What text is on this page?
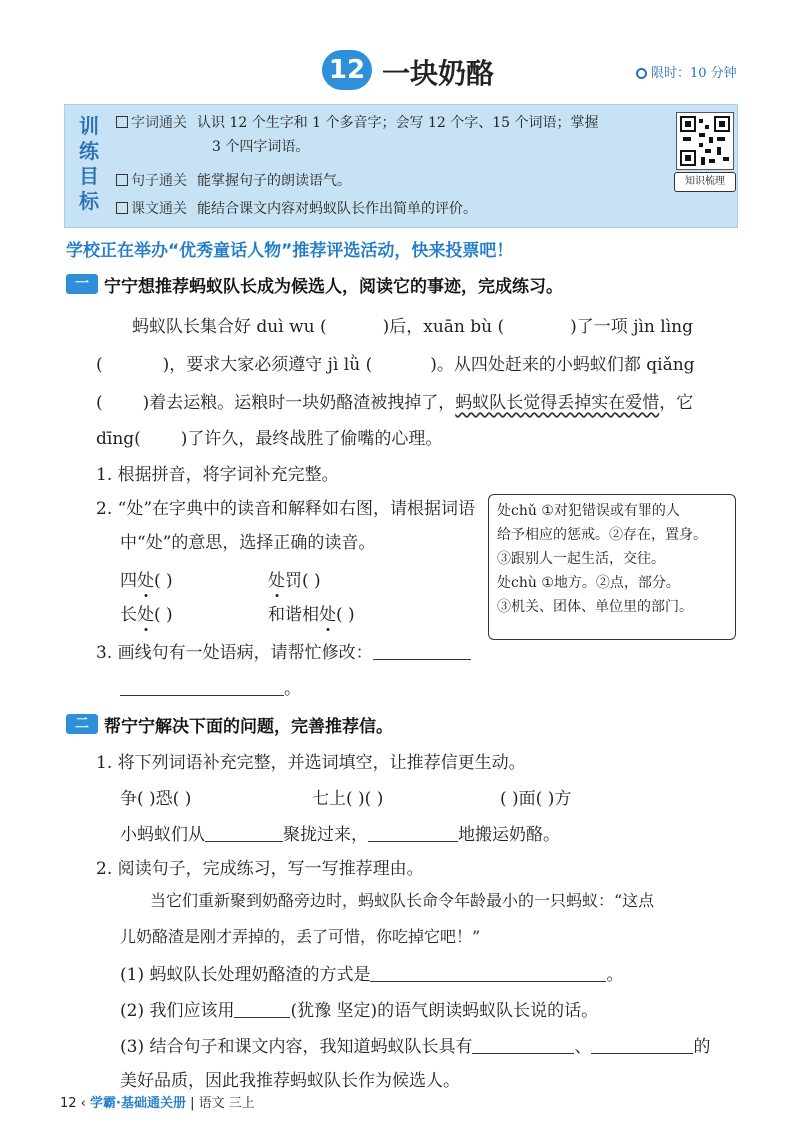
12 一块奶酪	限时：10 分钟
训练目标
字词通关 认识 12 个生字和 1 个多音字；会写 12 个字、15 个词语；掌握
3 个四字词语。
句子通关 能掌握句子的朗读语气。
课文通关 能结合课文内容对蚂蚁队长作出简单的评价。
知识梳理
学校正在举办“优秀童话人物”推荐评选活动，快来投票吧！
一 宁宁想推荐蚂蚁队长成为候选人，阅读它的事迹，完成练习。
蚂蚁队长集合好 duì wu (	)后，xuān bù (	)了一项 jìn lìng
(	)，要求大家必须遵守 jì lǜ (	)。从四处赶来的小蚂蚁们都 qiǎng
( )着去运粮。运粮时一块奶酪渣被拽掉了，蚂蚁队长觉得丢掉实在爱惜，它
dīng( )了许久，最终战胜了偷嘴的心理。
1. 根据拼音，将字词补充完整。
2. “处”在字典中的读音和解释如右图，请根据词语
中“处”的意思，选择正确的读音。
四处( )	处罚( )
长处( )	和谐相处( )
处chǔ ①对犯错误或有罪的人
给予相应的惩戒。②存在，置身。
③跟别人一起生活，交往。
处chù ①地方。②点，部分。
③机关、团体、单位里的部门。
3. 画线句有一处语病，请帮忙修改：
。
二 帮宁宁解决下面的问题，完善推荐信。
1. 将下列词语补充完整，并选词填空，让推荐信更生动。
争( )恐( )	七上( )( )	( )面( )方
小蚂蚁们从	聚拢过来，	地搬运奶酪。
2. 阅读句子，完成练习，写一写推荐理由。
当它们重新聚到奶酪旁边时，蚂蚁队长命令年龄最小的一只蚂蚁：“这点
儿奶酪渣是刚才弄掉的，丢了可惜，你吃掉它吧！”
(1) 蚂蚁队长处理奶酪渣的方式是	。
(2) 我们应该用	(犹豫 坚定)的语气朗读蚂蚁队长说的话。
(3) 结合句子和课文内容，我知道蚂蚁队长具有	、	的
美好品质，因此我推荐蚂蚁队长作为候选人。
12 ‹ 学霸·基础通关册 | 语文 三上
